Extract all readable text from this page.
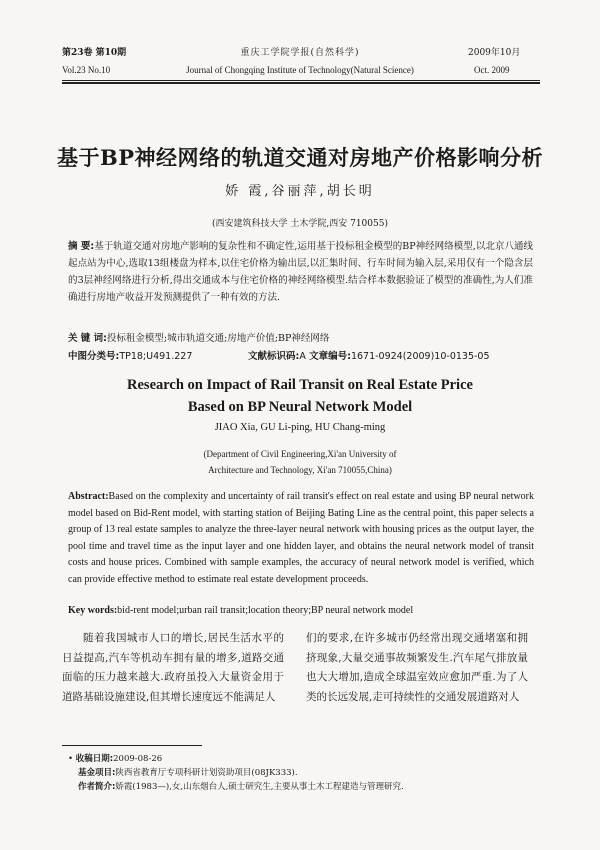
第23卷 第10期	重庆工学院学报(自然科学)	2009年10月
Vol.23 No.10	Journal of Chongqing Institute of Technology(Natural Science)	Oct. 2009
基于BP神经网络的轨道交通对房地产价格影响分析
娇 霞,谷丽萍,胡长明
(西安建筑科技大学 土木学院,西安 710055)
摘 要:基于轨道交通对房地产影响的复杂性和不确定性,运用基于投标租金模型的BP神经网络模型,以北京八通线起点站为中心,选取13组楼盘为样本,以住宅价格为输出层,以汇集时间、行车时间为输入层,采用仅有一个隐含层的3层神经网络进行分析,得出交通成本与住宅价格的神经网络模型.结合样本数据验证了模型的准确性,为人们准确进行房地产收益开发预测提供了一种有效的方法.
关 键 词:投标租金模型;城市轨道交通;房地产价值;BP神经网络
中图分类号:TP18;U491.227	文献标识码:A 文章编号:1671-0924(2009)10-0135-05
Research on Impact of Rail Transit on Real Estate Price
Based on BP Neural Network Model
JIAO Xia, GU Li-ping, HU Chang-ming
(Department of Civil Engineering,Xi'an University of
Architecture and Technology, Xi'an 710055,China)
Abstract:Based on the complexity and uncertainty of rail transit's effect on real estate and using BP neural network model based on Bid-Rent model, with starting station of Beijing Bating Line as the central point, this paper selects a group of 13 real estate samples to analyze the three-layer neural network with housing prices as the output layer, the pool time and travel time as the input layer and one hidden layer, and obtains the neural network model of transit costs and house prices. Combined with sample examples, the accuracy of neural network model is verified, which can provide effective method to estimate real estate development proceeds.
Key words:bid-rent model;urban rail transit;location theory;BP neural network model
随着我国城市人口的增长,居民生活水平的日益提高,汽车等机动车拥有量的增多,道路交通面临的压力越来越大.政府虽投入大量资金用于道路基础设施建设,但其增长速度远不能满足人
们的要求,在许多城市仍经常出现交通堵塞和拥挤现象,大量交通事故频繁发生.汽车尾气排放量也大大增加,造成全球温室效应愈加严重.为了人类的长远发展,走可持续性的交通发展道路对人
• 收稿日期:2009-08-26
基金项目:陕西省教育厅专项科研计划资助项目(08JK333).
作者简介:娇霞(1983—),女,山东烟台人,硕士研究生,主要从事土木工程建造与管理研究.
